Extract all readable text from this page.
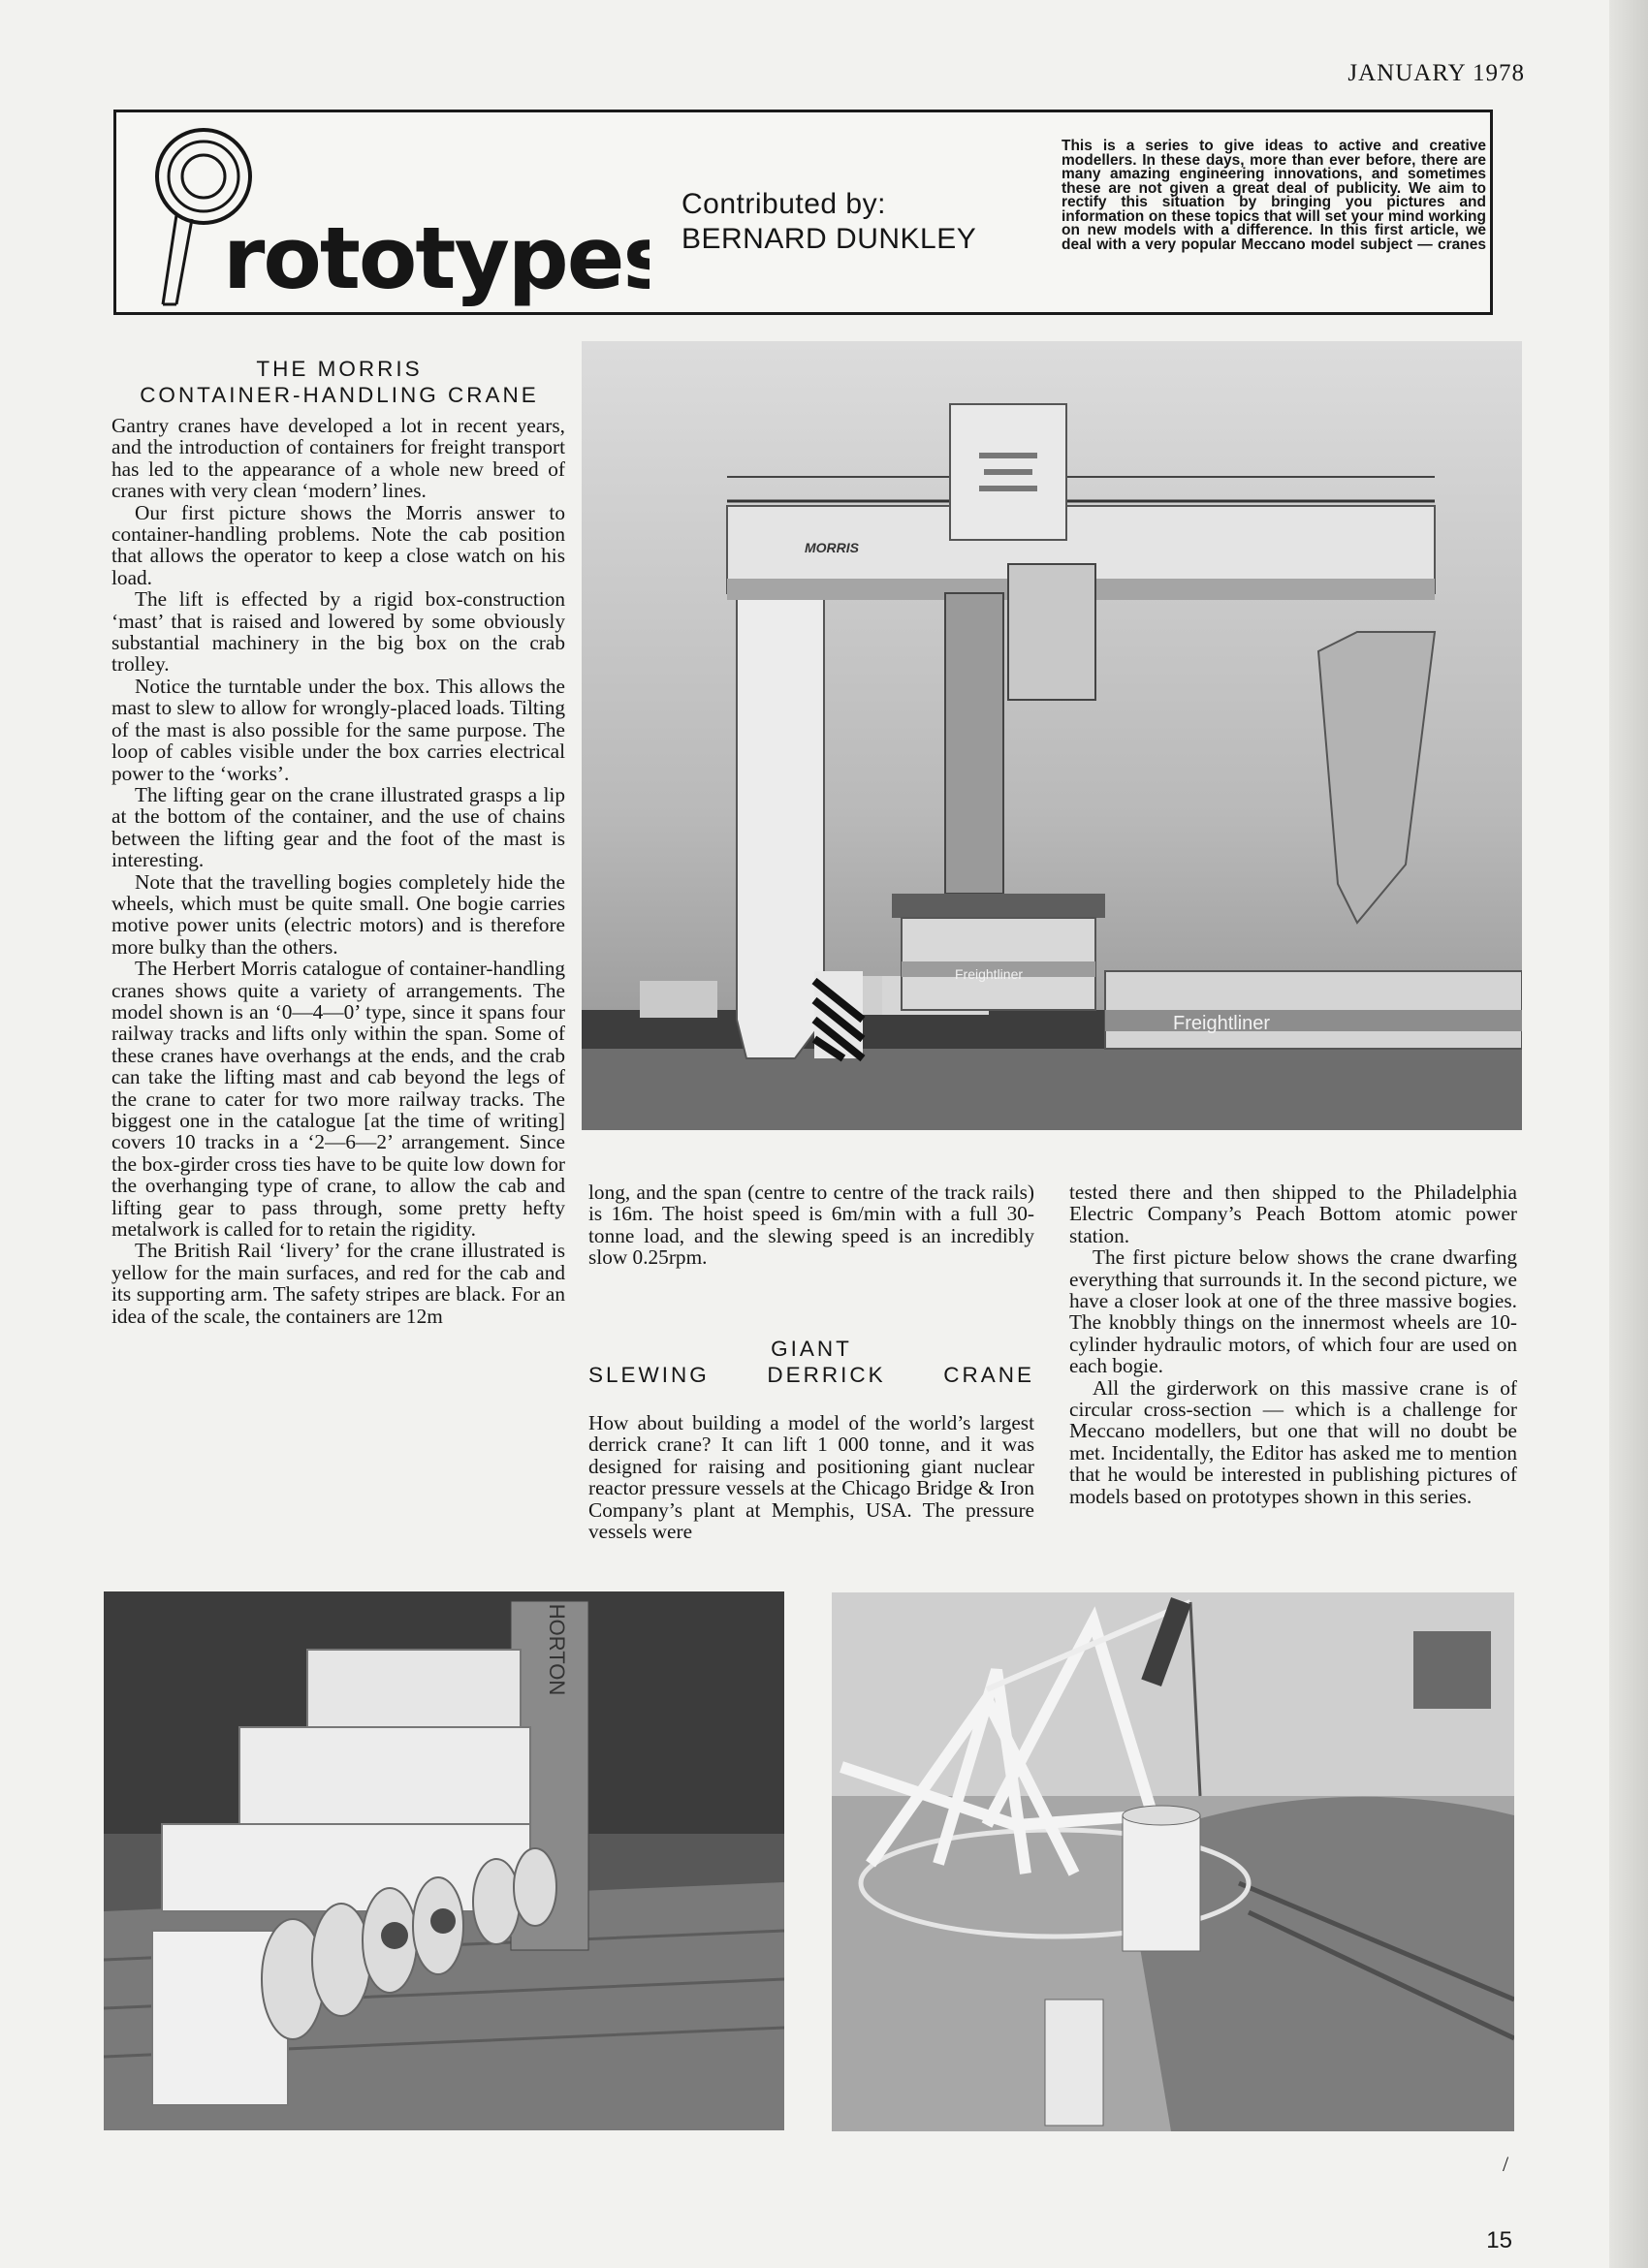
JANUARY 1978
rototypes
Contributed by:
BERNARD DUNKLEY
This is a series to give ideas to active and creative modellers. In these days, more than ever before, there are many amazing engineering innovations, and sometimes these are not given a great deal of publicity. We aim to rectify this situation by bringing you pictures and information on these topics that will set your mind working on new models with a difference. In this first article, we deal with a very popular Meccano model subject — cranes
THE MORRIS
CONTAINER-HANDLING CRANE

Gantry cranes have developed a lot in recent years, and the introduction of containers for freight transport has led to the appearance of a whole new breed of cranes with very clean ‘modern’ lines.

Our first picture shows the Morris answer to container-handling problems. Note the cab position that allows the operator to keep a close watch on his load.

The lift is effected by a rigid box-construction ‘mast’ that is raised and lowered by some obviously substantial machinery in the big box on the crab trolley.

Notice the turntable under the box. This allows the mast to slew to allow for wrongly-placed loads. Tilting of the mast is also possible for the same purpose. The loop of cables visible under the box carries electrical power to the ‘works’.

The lifting gear on the crane illustrated grasps a lip at the bottom of the container, and the use of chains between the lifting gear and the foot of the mast is interesting.

Note that the travelling bogies completely hide the wheels, which must be quite small. One bogie carries motive power units (electric motors) and is therefore more bulky than the others.

The Herbert Morris catalogue of container-handling cranes shows quite a variety of arrangements. The model shown is an ‘0—4—0’ type, since it spans four railway tracks and lifts only within the span. Some of these cranes have overhangs at the ends, and the crab can take the lifting mast and cab beyond the legs of the crane to cater for two more railway tracks. The biggest one in the catalogue [at the time of writing] covers 10 tracks in a ‘2—6—2’ arrangement. Since the box-girder cross ties have to be quite low down for the overhanging type of crane, to allow the cab and lifting gear to pass through, some pretty hefty metalwork is called for to retain the rigidity.

The British Rail ‘livery’ for the crane illustrated is yellow for the main surfaces, and red for the cab and its supporting arm. The safety stripes are black. For an idea of the scale, the containers are 12m

Freightliner
Freightliner
MORRIS

long, and the span (centre to centre of the track rails) is 16m. The hoist speed is 6m/min with a full 30-tonne load, and the slewing speed is an incredibly slow 0.25rpm.

GIANT
SLEWING DERRICK CRANE

How about building a model of the world’s largest derrick crane? It can lift 1 000 tonne, and it was designed for raising and positioning giant nuclear reactor pressure vessels at the Chicago Bridge & Iron Company’s plant at Memphis, USA. The pressure vessels were

tested there and then shipped to the Philadelphia Electric Company’s Peach Bottom atomic power station.

The first picture below shows the crane dwarfing everything that surrounds it. In the second picture, we have a closer look at one of the three massive bogies. The knobbly things on the innermost wheels are 10-cylinder hydraulic motors, of which four are used on each bogie.

All the girderwork on this massive crane is of circular cross-section — which is a challenge for Meccano modellers, but one that will no doubt be met. Incidentally, the Editor has asked me to mention that he would be interested in publishing pictures of models based on prototypes shown in this series.

HORTON
/
15
